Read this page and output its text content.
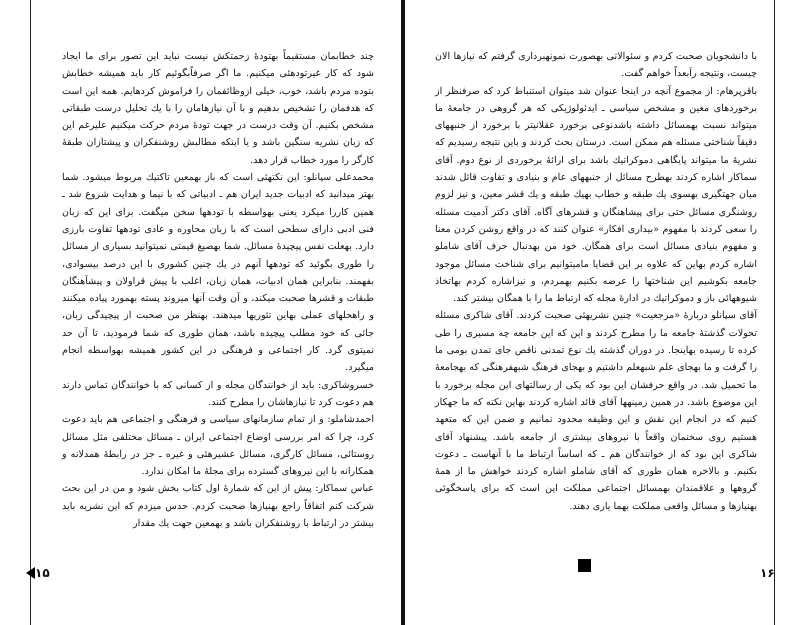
چند خطابمان مستقیماً بهتودهٔ زحمتکش نیست نباید این تصور برای ما ایجاد شود که کار غیرتودهئی میکنیم. ما اگر صرفاًبگوئیم کار باید همیشه خطابش بتوده مردم باشد، خوب، خیلی ازوظائفمان را فراموش کردهایم. همه این است که هدفمان را تشخیص بدهیم و با آن نیازهامان را با یك تحلیل درست طبقاتی مشخص بکنیم. آن وقت درست در جهت تودهٔ مردم حرکت میکنیم علیرغم این که زبان نشریه سنگین باشد و یا اینکه مطالبش روشنفکران و پیشتازان طبقهٔ کارگر را مورد خطاب قرار دهد.

محمدعلی سپانلو: این نکتهئی است که باز بهمعین تاکتیك مربوط میشود. شما بهتر میدانید که ادبیات جدید ایران هم ـ ادبیاتی که با نیما و هدایت شروع شد ـ همین کاررا میکرد یعنی بهواسطه با تودهها سخن میگفت. برای این که زبان فنی ادبی دارای سطحی است که با زبان محاوره و عادی تودهها تفاوت بارزی دارد. بهعلت نفس پیچیدهٔ مسائل. شما بهصیغ قیمتی نمیتوانید بسیاری از مسائل را طوری بگوئید که تودهها آنهم در یك چنین کشوری با این درصد بیسوادی، بفهمند. بنابراین همان ادبیات، همان زبان، اغلب با پیش قراولان و پیشآهنگان طبقات و قشرها صحبت میکند، و آن وقت آنها میروند پسته بهمورد پیاده میکنند و راهحلهای عملی بهاین تئوریها میدهند. بهنظر من صحبت از پیچیدگی زبان، جائی که خود مطلب پیچیده باشد، همان طوری که شما فرمودید، تا آن حد نمیتوی گرد. کار اجتماعی و فرهنگی در این کشور همیشه بهواسطه انجام میگیرد.

خسروشاکری: باید از خوانندگان مجله و از کسانی که با خوانندگان تماس دارند هم دعوت کرد تا نیازهاشان را مطرح کنند.

احمدشاملو: و از تمام سازمانهای سیاسی و فرهنگی و اجتماعی هم باید دعوت کرد، چرا که امر بررسی اوضاع اجتماعی ایران ـ مسائل مختلفی مثل مسائل روستائی، مسائل کارگری، مسائل عشیرهئی و غیره ـ جز در رابطهٔ همدلانه و همکارانه با این نیروهای گسترده برای مجلهٔ ما امکان ندارد.

عباس سماکار: پیش از این که شمارهٔ اول کتاب بخش شود و من در این بحث شرکت کنم اتفاقاً راجع بهنیازها صحبت کردم. حدس میزدم که این نشریه باید بیشتر در ارتباط با روشنفکران باشد و بهمعین جهت یك مقدار

۱۵

با دانشجویان صحبت کردم و سئوالاتی بهصورت نمونهبرداری گرفتم که نیازها الان چیست، ونتیجه راَبعداً خواهم گفت.

باقرپرهام: از مجموع آنچه در اینجا عنوان شد میتوان استنباط کرد که صرفنظر از برخوردهای معین و مشخص سیاسی ـ ایدئولوژیکی که هر گروهی در جامعهٔ ما میتواند نسبت بهمسائل داشته باشدنوعی برخورد عقلانیتر با برخورد از جنبههای دقیقاً شناختی مسئله هم ممکن است. درستان بحث کردند و باین نتیجه رسیدیم که نشریهٔ ما میتواند پایگاهی دموکراتیك باشد برای ارائهٔ برخوردی از نوع دوم. آقای سماکار اشاره کردند بهطرح مسائل از جنبههای عام و بنیادی و تفاوت قائل شدند میان جهتگیری بهسوی یك طبقه و خطاب بهیك طبقه و یك قشر معین، و نیز لزوم روشنگری مسائل حتی برای پیشاهنگان و قشرهای آگاه. آقای دکتر آدمیت مسئله را سعی کردند با مفهوم «بیداری افکار» عنوان کنند که در واقع روشن کردن معنا و مفهوم بنیادی مسائل است برای همگان. خود من بهدنبال حرف آقای شاملو اشاره کردم بهاین که علاوه بر این قضایا مامیتوانیم برای شناخت مسائل موجود جامعه بکوشیم این شناختها را عرضه بکنیم بهمردم، و نیزاشاره کردم بهاتخاذ شیوههائی باز و دموکراتیك در ادارهٔ مجله که ارتباط ما را با همگان بیشتر کند.

آقای سپانلو دربارهٔ «مرجعیت» چنین نشریهئی صحبت کردند. آقای شاکری مسئله تحولات گذشتهٔ جامعه ما را مطرح کردند و این که این جامعه چه مسیری را طی کرده تا رسیده بهاینجا. در دوران گذشته یك نوع تمدنی ناقص جای تمدن بومی ما را گرفت و ما بهجای علم شبهعلم داشتیم و بهجای فرهنگ شبهفرهنگی که بهجامعهٔ ما تحمیل شد. در واقع حرفشان این بود که یکی از رسالتهای این مجله برخورد با این موضوع باشد. در همین زمینهها آقای قائد اشاره کردند بهاین نکته که ما جهکار کنیم که در انجام این نقش و این وظیفه محدود نمانیم و ضمن این که متعهد هستیم روی سخنمان واقعاً با نیروهای بیشتری از جامعه باشد. پیشنهاد آقای شاکری این بود که از خوانندگان هم ـ که اساساً ارتباط ما با آنهاست ـ دعوت بکنیم. و بالاخره همان طوری که آقای شاملو اشاره کردند خواهش ما از همهٔ گروهها و علاقمندان بهمسائل اجتماعی مملکت این است که برای پاسخگوئی بهنیازها و مسائل واقعی مملکت بهما یاری دهند.

۱۶
